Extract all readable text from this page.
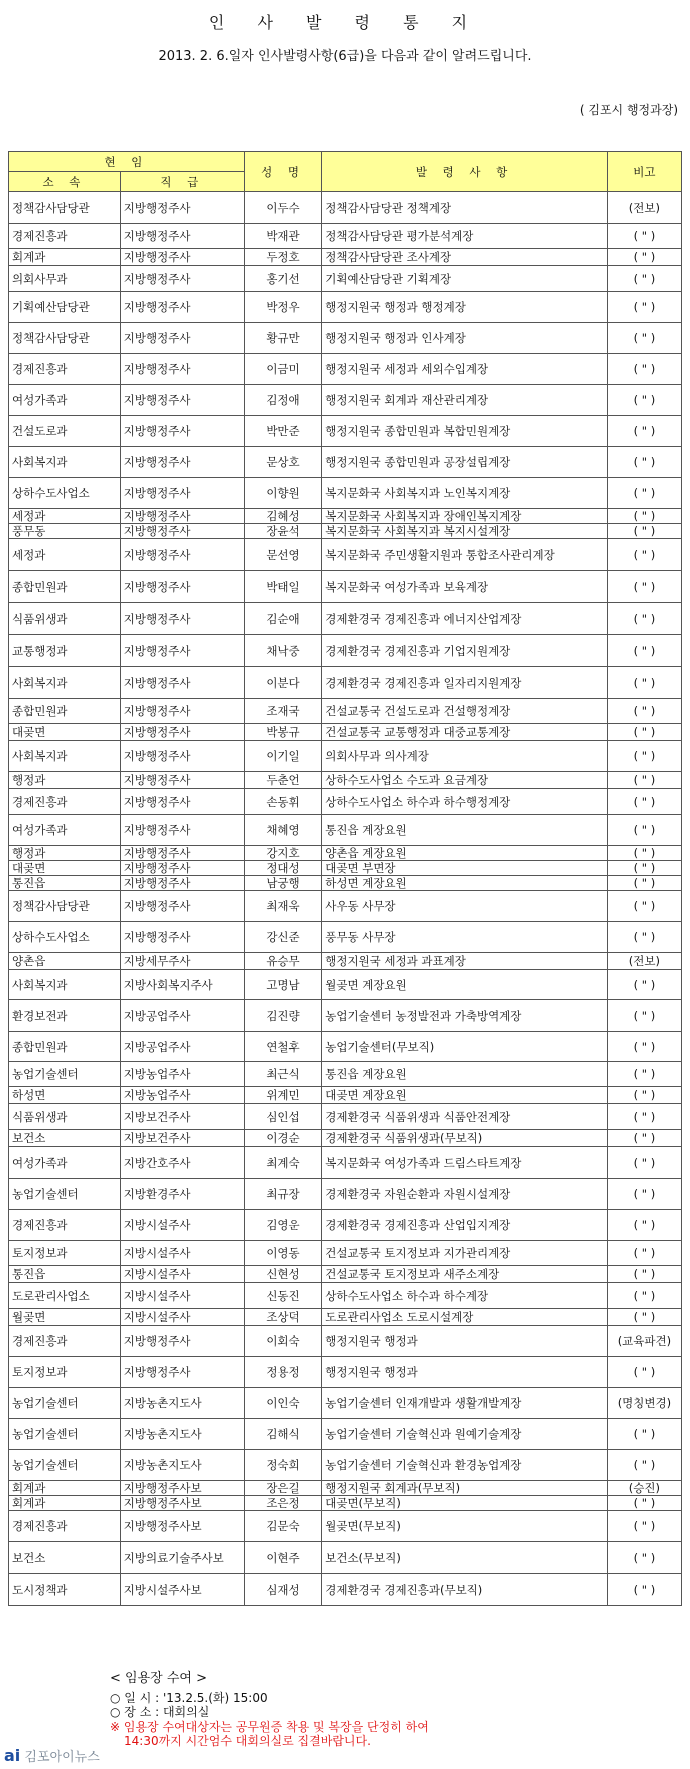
인 사 발 령 통 지
2013. 2. 6.일자 인사발령사항(6급)을 다음과 같이 알려드립니다.
( 김포시 행정과장)
현 임		성 명	발 령 사 항	비고
소 속	직 급			
정책감사담당관	지방행정주사	이두수	정책감사담당관 정책계장	(전보)
경제진흥과	지방행정주사	박재관	정책감사담당관 평가분석계장	( " )
회계과	지방행정주사	두정호	정책감사담당관 조사계장	( " )
의회사무과	지방행정주사	홍기선	기획예산담당관 기획계장	( " )
기획예산담당관	지방행정주사	박정우	행정지원국 행정과 행정계장	( " )
정책감사담당관	지방행정주사	황규만	행정지원국 행정과 인사계장	( " )
경제진흥과	지방행정주사	이금미	행정지원국 세정과 세외수입계장	( " )
여성가족과	지방행정주사	김정애	행정지원국 회계과 재산관리계장	( " )
건설도로과	지방행정주사	박만준	행정지원국 종합민원과 복합민원계장	( " )
사회복지과	지방행정주사	문상호	행정지원국 종합민원과 공장설립계장	( " )
상하수도사업소	지방행정주사	이향원	복지문화국 사회복지과 노인복지계장	( " )
세정과	지방행정주사	김혜성	복지문화국 사회복지과 장애인복지계장	( " )
풍무동	지방행정주사	장윤석	복지문화국 사회복지과 복지시설계장	( " )
세정과	지방행정주사	문선영	복지문화국 주민생활지원과 통합조사관리계장	( " )
종합민원과	지방행정주사	박태일	복지문화국 여성가족과 보육계장	( " )
식품위생과	지방행정주사	김순애	경제환경국 경제진흥과 에너지산업계장	( " )
교통행정과	지방행정주사	채낙중	경제환경국 경제진흥과 기업지원계장	( " )
사회복지과	지방행정주사	이분다	경제환경국 경제진흥과 일자리지원계장	( " )
종합민원과	지방행정주사	조재국	건설교통국 건설도로과 건설행정계장	( " )
대곶면	지방행정주사	박봉규	건설교통국 교통행정과 대중교통계장	( " )
사회복지과	지방행정주사	이기일	의회사무과 의사계장	( " )
행정과	지방행정주사	두춘언	상하수도사업소 수도과 요금계장	( " )
경제진흥과	지방행정주사	손동휘	상하수도사업소 하수과 하수행정계장	( " )
여성가족과	지방행정주사	채혜영	통진읍 계장요원	( " )
행정과	지방행정주사	강지호	양촌읍 계장요원	( " )
대곶면	지방행정주사	정대성	대곶면 부면장	( " )
통진읍	지방행정주사	남궁행	하성면 계장요원	( " )
정책감사담당관	지방행정주사	최재욱	사우동 사무장	( " )
상하수도사업소	지방행정주사	강신준	풍무동 사무장	( " )
양촌읍	지방세무주사	유승무	행정지원국 세정과 과표계장	(전보)
사회복지과	지방사회복지주사	고명남	월곶면 계장요원	( " )
환경보전과	지방공업주사	김진량	농업기술센터 농정발전과 가축방역계장	( " )
종합민원과	지방공업주사	연철후	농업기술센터(무보직)	( " )
농업기술센터	지방농업주사	최근식	통진읍 계장요원	( " )
하성면	지방농업주사	위계민	대곶면 계장요원	( " )
식품위생과	지방보건주사	심인섭	경제환경국 식품위생과 식품안전계장	( " )
보건소	지방보건주사	이경순	경제환경국 식품위생과(무보직)	( " )
여성가족과	지방간호주사	최계숙	복지문화국 여성가족과 드림스타트계장	( " )
농업기술센터	지방환경주사	최규장	경제환경국 자원순환과 자원시설계장	( " )
경제진흥과	지방시설주사	김영운	경제환경국 경제진흥과 산업입지계장	( " )
토지정보과	지방시설주사	이영동	건설교통국 토지정보과 지가관리계장	( " )
통진읍	지방시설주사	신현성	건설교통국 토지정보과 새주소계장	( " )
도로관리사업소	지방시설주사	신동진	상하수도사업소 하수과 하수계장	( " )
월곶면	지방시설주사	조상덕	도로관리사업소 도로시설계장	( " )
경제진흥과	지방행정주사	이회숙	행정지원국 행정과	(교육파견)
토지정보과	지방행정주사	정용정	행정지원국 행정과	( " )
농업기술센터	지방농촌지도사	이인숙	농업기술센터 인재개발과 생활개발계장	(명칭변경)
농업기술센터	지방농촌지도사	김해식	농업기술센터 기술혁신과 원예기술계장	( " )
농업기술센터	지방농촌지도사	정숙희	농업기술센터 기술혁신과 환경농업계장	( " )
회계과	지방행정주사보	장은길	행정지원국 회계과(무보직)	(승진)
회계과	지방행정주사보	조은정	대곶면(무보직)	( " )
경제진흥과	지방행정주사보	김문숙	월곶면(무보직)	( " )
보건소	지방의료기술주사보	이현주	보건소(무보직)	( " )
도시정책과	지방시설주사보	심재성	경제환경국 경제진흥과(무보직)	( " )
< 임용장 수여 >
○ 일 시 : '13.2.5.(화) 15:00
○ 장 소 : 대회의실
※ 임용장 수여대상자는 공무원증 착용 및 복장을 단정히 하여
14:30까지 시간엄수 대회의실로 집결바랍니다.
ai 김포아이뉴스
